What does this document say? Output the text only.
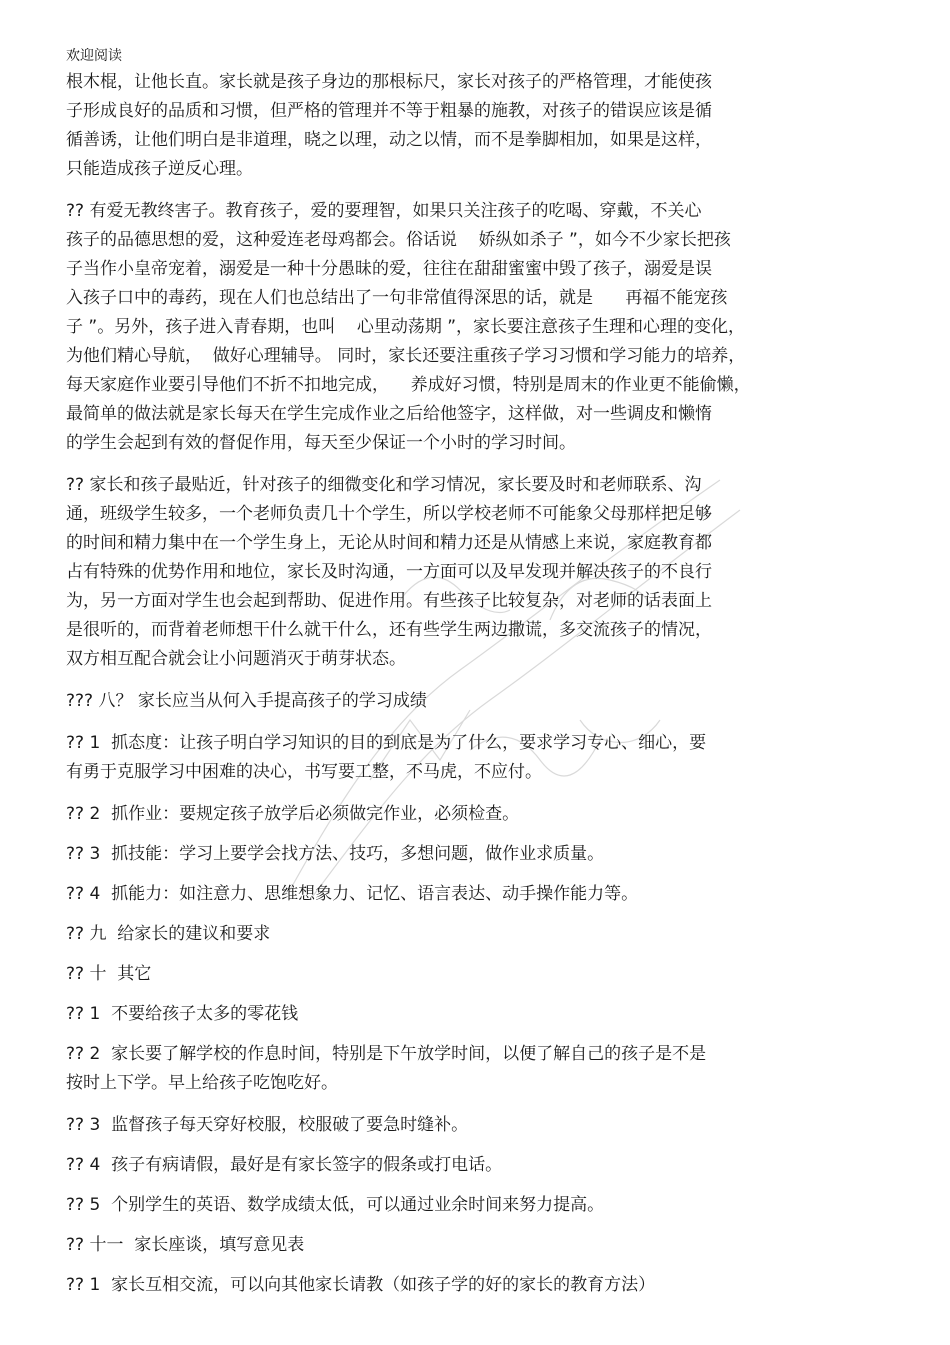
欢迎阅读
根木棍，让他长直。家长就是孩子身边的那根标尺，家长对孩子的严格管理，才能使孩
子形成良好的品质和习惯，但严格的管理并不等于粗暴的施教，对孩子的错误应该是循
循善诱，让他们明白是非道理，晓之以理，动之以情，而不是拳脚相加，如果是这样，
只能造成孩子逆反心理。
?? 有爱无教终害子。教育孩子，爱的要理智，如果只关注孩子的吃喝、穿戴，不关心
孩子的品德思想的爱，这种爱连老母鸡都会。俗话说    娇纵如杀子 ”，如今不少家长把孩
子当作小皇帝宠着，溺爱是一种十分愚昧的爱，往往在甜甜蜜蜜中毁了孩子，溺爱是误
入孩子口中的毒药，现在人们也总结出了一句非常值得深思的话，就是      再福不能宠孩
子 ”。另外，孩子进入青春期，也叫    心里动荡期 ”，家长要注意孩子生理和心理的变化，
为他们精心导航，  做好心理辅导。 同时，家长还要注重孩子学习习惯和学习能力的培养，
每天家庭作业要引导他们不折不扣地完成，    养成好习惯，特别是周末的作业更不能偷懒，
最简单的做法就是家长每天在学生完成作业之后给他签字，这样做，对一些调皮和懒惰
的学生会起到有效的督促作用，每天至少保证一个小时的学习时间。
?? 家长和孩子最贴近，针对孩子的细微变化和学习情况，家长要及时和老师联系、沟
通，班级学生较多，一个老师负责几十个学生，所以学校老师不可能象父母那样把足够
的时间和精力集中在一个学生身上，无论从时间和精力还是从情感上来说，家庭教育都
占有特殊的优势作用和地位，家长及时沟通，一方面可以及早发现并解决孩子的不良行
为，另一方面对学生也会起到帮助、促进作用。有些孩子比较复杂，对老师的话表面上
是很听的，而背着老师想干什么就干什么，还有些学生两边撒谎，多交流孩子的情况，
双方相互配合就会让小问题消灭于萌芽状态。
??? 八？ 家长应当从何入手提高孩子的学习成绩
?? 1  抓态度：让孩子明白学习知识的目的到底是为了什么，要求学习专心、细心，要
有勇于克服学习中困难的决心，书写要工整，不马虎，不应付。
?? 2  抓作业：要规定孩子放学后必须做完作业，必须检查。
?? 3  抓技能：学习上要学会找方法、技巧，多想问题，做作业求质量。
?? 4  抓能力：如注意力、思维想象力、记忆、语言表达、动手操作能力等。
?? 九  给家长的建议和要求
?? 十  其它
?? 1  不要给孩子太多的零花钱
?? 2  家长要了解学校的作息时间，特别是下午放学时间，以便了解自己的孩子是不是
按时上下学。早上给孩子吃饱吃好。
?? 3  监督孩子每天穿好校服，校服破了要急时缝补。
?? 4  孩子有病请假，最好是有家长签字的假条或打电话。
?? 5  个别学生的英语、数学成绩太低，可以通过业余时间来努力提高。
?? 十一  家长座谈，填写意见表
?? 1  家长互相交流，可以向其他家长请教（如孩子学的好的家长的教育方法）
